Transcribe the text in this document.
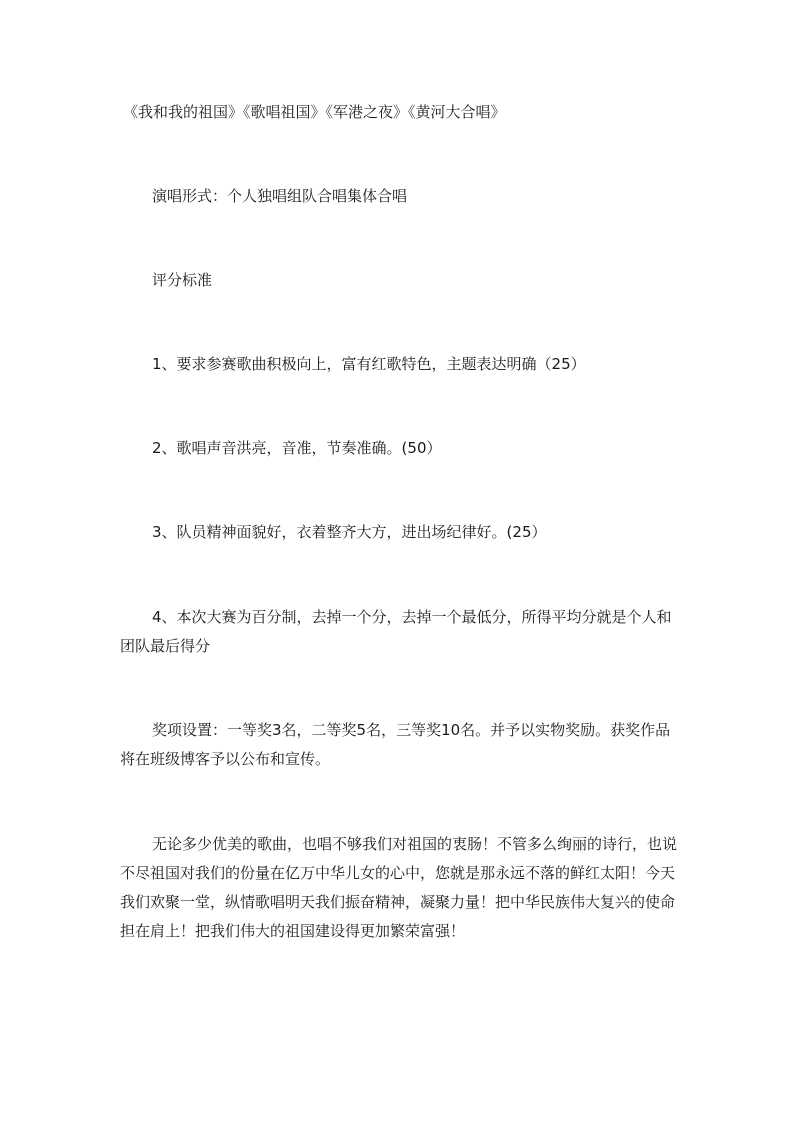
《我和我的祖国》《歌唱祖国》《军港之夜》《黄河大合唱》
演唱形式：个人独唱组队合唱集体合唱
评分标准
1、要求参赛歌曲积极向上，富有红歌特色，主题表达明确（25）
2、歌唱声音洪亮，音准，节奏准确。(50）
3、队员精神面貌好，衣着整齐大方，进出场纪律好。(25）
4、本次大赛为百分制，去掉一个分，去掉一个最低分，所得平均分就是个人和团队最后得分
奖项设置：一等奖3名，二等奖5名，三等奖10名。并予以实物奖励。获奖作品将在班级博客予以公布和宣传。
无论多少优美的歌曲，也唱不够我们对祖国的衷肠！不管多么绚丽的诗行，也说不尽祖国对我们的份量在亿万中华儿女的心中，您就是那永远不落的鲜红太阳！今天我们欢聚一堂，纵情歌唱明天我们振奋精神，凝聚力量！把中华民族伟大复兴的使命担在肩上！把我们伟大的祖国建设得更加繁荣富强！
